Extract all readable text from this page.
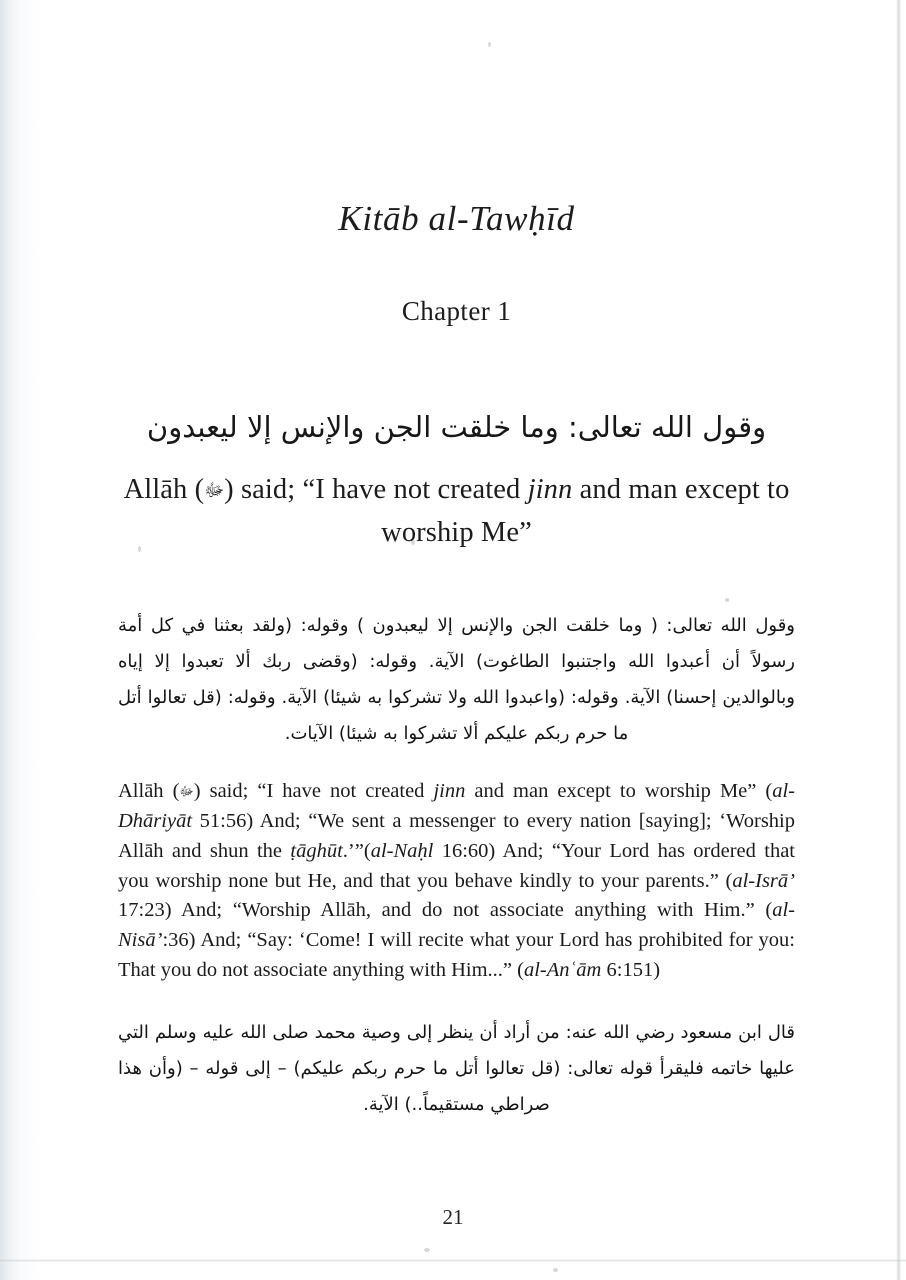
Kitāb al-Tawḥīd
Chapter 1

وقول الله تعالى: وما خلقت الجن والإنس إلا ليعبدون

Allāh (ﷻ) said; “I have not created jinn and man except to worship Me”

وقول الله تعالى: ( وما خلقت الجن والإنس إلا ليعبدون ) وقوله: (ولقد بعثنا في كل أمة رسولاً أن أعبدوا الله واجتنبوا الطاغوت) الآية. وقوله: (وقضى ربك ألا تعبدوا إلا إياه وبالوالدين إحسنا) الآية. وقوله: (واعبدوا الله ولا تشركوا به شيئا) الآية. وقوله: (قل تعالوا أتل ما حرم ربكم عليكم ألا تشركوا به شيئا) الآيات.

Allāh (ﷻ) said; “I have not created jinn and man except to worship Me” (al-Dhāriyāt 51:56) And; “We sent a messenger to every nation [saying]; ‘Worship Allāh and shun the ṭāghūt.’”(al-Naḥl 16:60) And; “Your Lord has ordered that you worship none but He, and that you behave kindly to your parents.” (al-Isrā’ 17:23) And; “Worship Allāh, and do not associate anything with Him.” (al-Nisā’:36) And; “Say: ‘Come! I will recite what your Lord has prohibited for you: That you do not associate anything with Him...” (al-Anʿām 6:151)

قال ابن مسعود رضي الله عنه: من أراد أن ينظر إلى وصية محمد صلى الله عليه وسلم التي عليها خاتمه فليقرأ قوله تعالى: (قل تعالوا أتل ما حرم ربكم عليكم) – إلى قوله – (وأن هذا صراطي مستقيماً..) الآية.

21
